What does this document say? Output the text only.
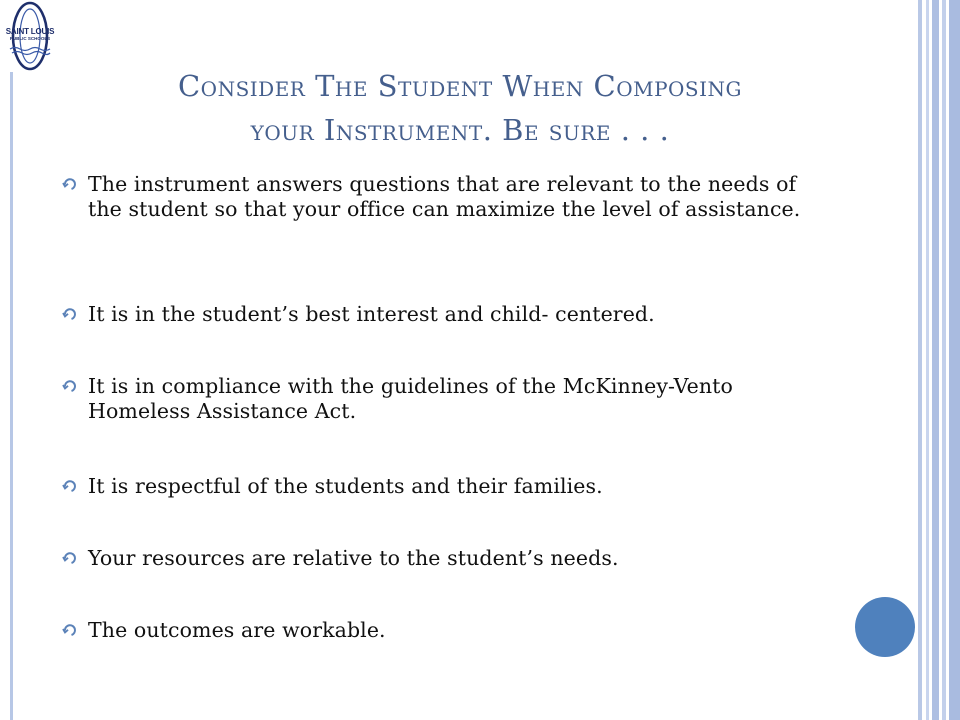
SAINT LOUIS
PUBLIC SCHOOLS
Consider The Student When Composing
your Instrument. Be sure . . .
The instrument answers questions that are relevant to the needs of the student so that your office can maximize the level of assistance.
It is in the student’s best interest and child- centered.
It is in compliance with the guidelines of the McKinney-Vento Homeless Assistance Act.
It is respectful of the students and their families.
Your resources are relative to the student’s needs.
The outcomes are workable.
